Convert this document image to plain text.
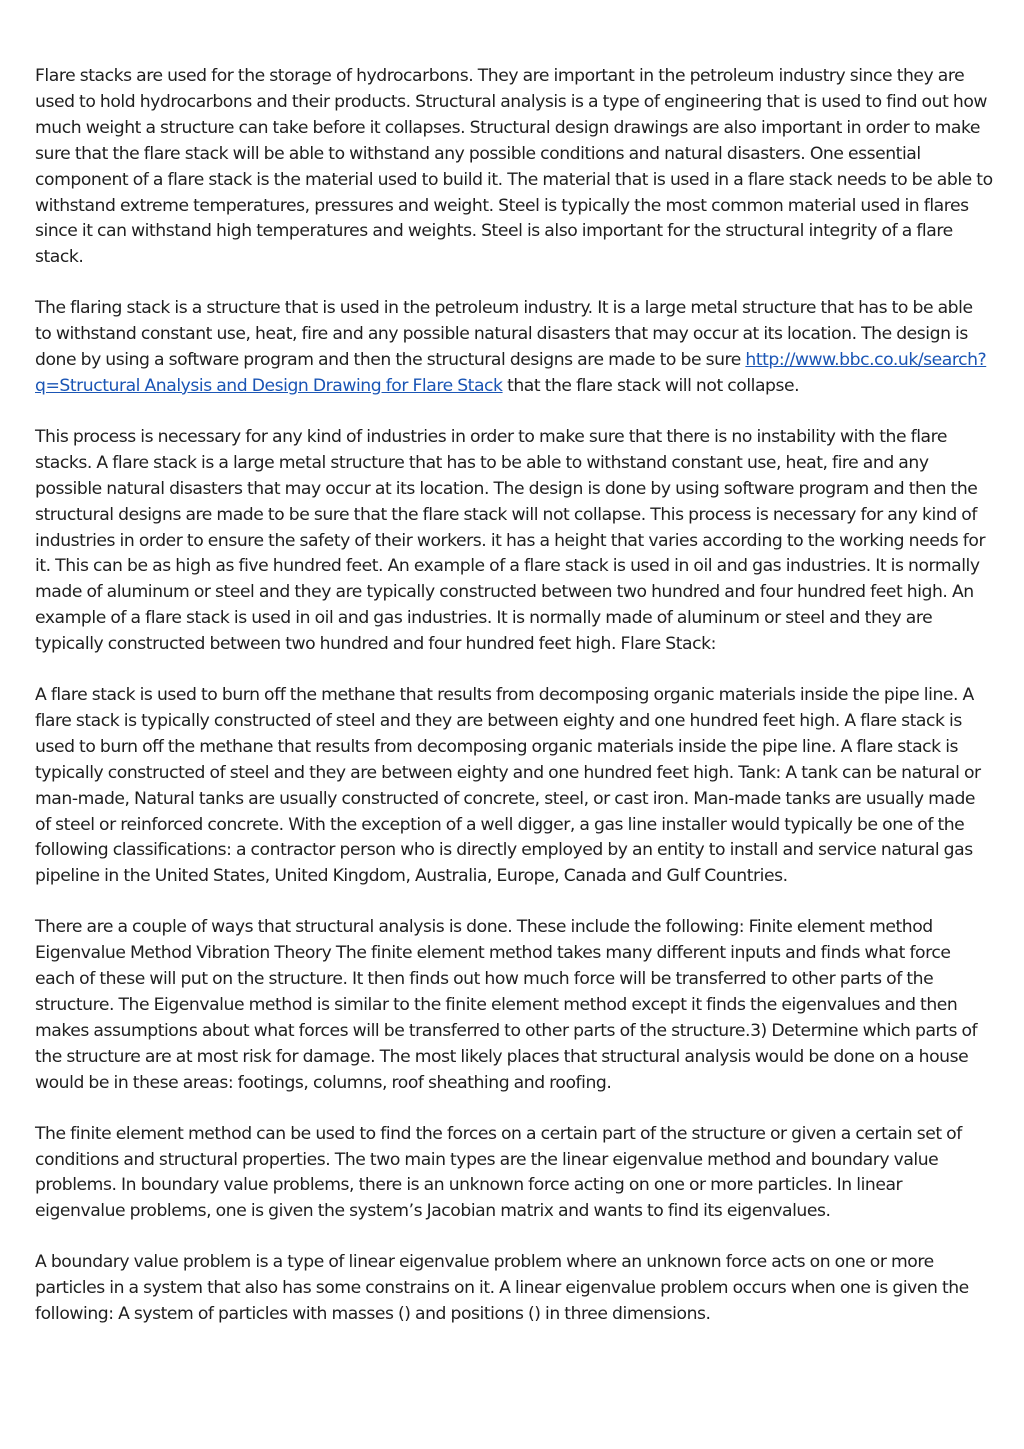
Flare stacks are used for the storage of hydrocarbons. They are important in the petroleum industry since they are used to hold hydrocarbons and their products. Structural analysis is a type of engineering that is used to find out how much weight a structure can take before it collapses. Structural design drawings are also important in order to make sure that the flare stack will be able to withstand any possible conditions and natural disasters. One essential component of a flare stack is the material used to build it. The material that is used in a flare stack needs to be able to withstand extreme temperatures, pressures and weight. Steel is typically the most common material used in flares since it can withstand high temperatures and weights. Steel is also important for the structural integrity of a flare stack.

The flaring stack is a structure that is used in the petroleum industry. It is a large metal structure that has to be able to withstand constant use, heat, fire and any possible natural disasters that may occur at its location. The design is done by using a software program and then the structural designs are made to be sure http://www.bbc.co.uk/search?q=Structural Analysis and Design Drawing for Flare Stack that the flare stack will not collapse.

This process is necessary for any kind of industries in order to make sure that there is no instability with the flare stacks. A flare stack is a large metal structure that has to be able to withstand constant use, heat, fire and any possible natural disasters that may occur at its location. The design is done by using software program and then the structural designs are made to be sure that the flare stack will not collapse. This process is necessary for any kind of industries in order to ensure the safety of their workers. it has a height that varies according to the working needs for it. This can be as high as five hundred feet. An example of a flare stack is used in oil and gas industries. It is normally made of aluminum or steel and they are typically constructed between two hundred and four hundred feet high. An example of a flare stack is used in oil and gas industries. It is normally made of aluminum or steel and they are typically constructed between two hundred and four hundred feet high. Flare Stack:

A flare stack is used to burn off the methane that results from decomposing organic materials inside the pipe line. A flare stack is typically constructed of steel and they are between eighty and one hundred feet high. A flare stack is used to burn off the methane that results from decomposing organic materials inside the pipe line. A flare stack is typically constructed of steel and they are between eighty and one hundred feet high. Tank: A tank can be natural or man-made, Natural tanks are usually constructed of concrete, steel, or cast iron. Man-made tanks are usually made of steel or reinforced concrete. With the exception of a well digger, a gas line installer would typically be one of the following classifications: a contractor person who is directly employed by an entity to install and service natural gas pipeline in the United States, United Kingdom, Australia, Europe, Canada and Gulf Countries.

There are a couple of ways that structural analysis is done. These include the following: Finite element method Eigenvalue Method Vibration Theory The finite element method takes many different inputs and finds what force each of these will put on the structure. It then finds out how much force will be transferred to other parts of the structure. The Eigenvalue method is similar to the finite element method except it finds the eigenvalues and then makes assumptions about what forces will be transferred to other parts of the structure.3) Determine which parts of the structure are at most risk for damage. The most likely places that structural analysis would be done on a house would be in these areas: footings, columns, roof sheathing and roofing.

The finite element method can be used to find the forces on a certain part of the structure or given a certain set of conditions and structural properties. The two main types are the linear eigenvalue method and boundary value problems. In boundary value problems, there is an unknown force acting on one or more particles. In linear eigenvalue problems, one is given the system’s Jacobian matrix and wants to find its eigenvalues.

A boundary value problem is a type of linear eigenvalue problem where an unknown force acts on one or more particles in a system that also has some constrains on it. A linear eigenvalue problem occurs when one is given the following: A system of particles with masses () and positions () in three dimensions.
